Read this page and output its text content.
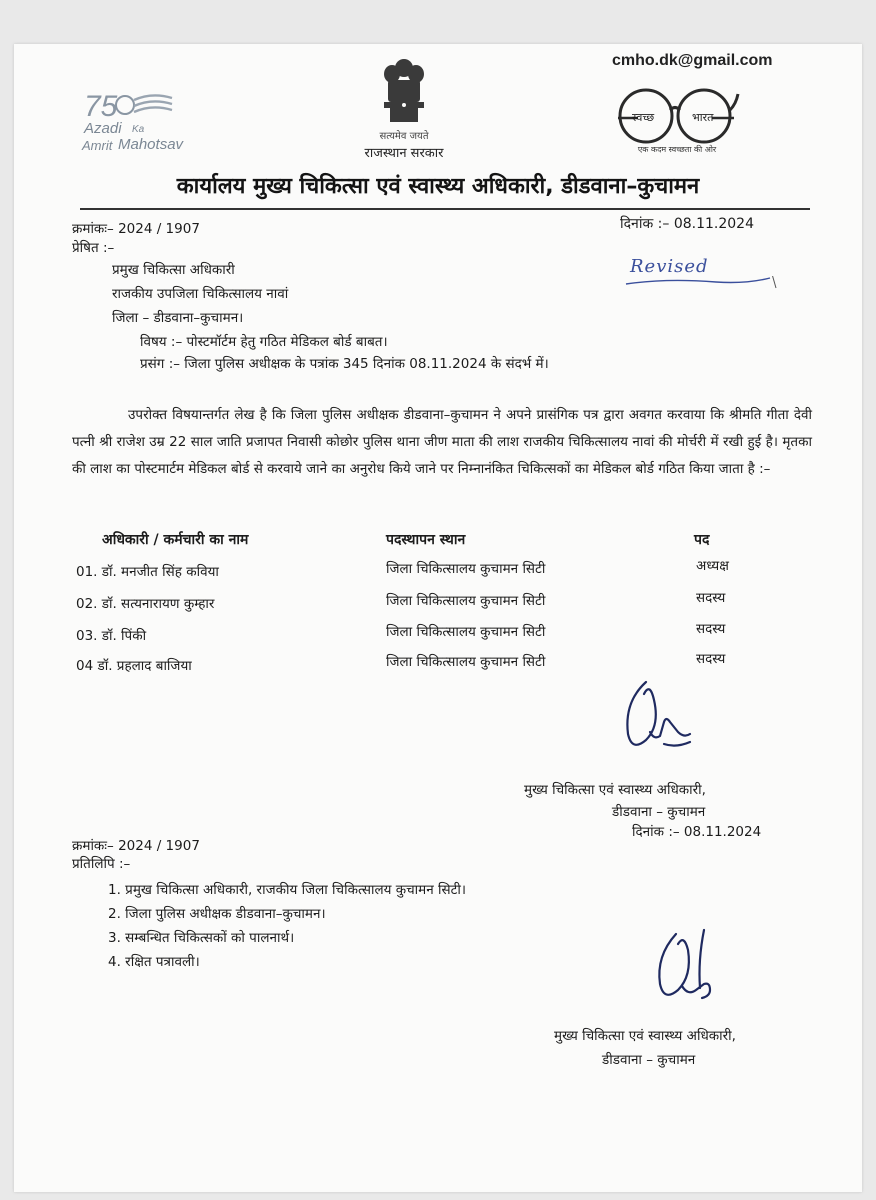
75
Azadi Ka
Amrit Mahotsav	सत्यमेव जयते
राजस्थान सरकार
cmho.dk@gmail.com
स्वच्छ	भारत
एक कदम स्वच्छता की ओर
कार्यालय मुख्य चिकित्सा एवं स्वास्थ्य अधिकारी, डीडवाना–कुचामन
क्रमांकः– 2024 / 1907	दिनांक :– 08.11.2024
प्रेषित :–
प्रमुख चिकित्सा अधिकारी
राजकीय उपजिला चिकित्सालय नावां
जिला – डीडवाना–कुचामन।
Revised
विषय :– पोस्टमॉर्टम हेतु गठित मेडिकल बोर्ड बाबत।
प्रसंग :– जिला पुलिस अधीक्षक के पत्रांक 345 दिनांक 08.11.2024 के संदर्भ में।

उपरोक्त विषयान्तर्गत लेख है कि जिला पुलिस अधीक्षक डीडवाना–कुचामन ने अपने प्रासंगिक पत्र द्वारा अवगत करवाया कि श्रीमति गीता देवी पत्नी श्री राजेश उम्र 22 साल जाति प्रजापत निवासी कोछोर पुलिस थाना जीण माता की लाश राजकीय चिकित्सालय नावां की मोर्चरी में रखी हुई है। मृतका की लाश का पोस्टमार्टम मेडिकल बोर्ड से करवाये जाने का अनुरोध किये जाने पर निम्नानंकित चिकित्सकों का मेडिकल बोर्ड गठित किया जाता है :–

अधिकारी / कर्मचारी का नाम	पदस्थापन स्थान	पद
01. डॉ. मनजीत सिंह कविया	जिला चिकित्सालय कुचामन सिटी	अध्यक्ष
02. डॉ. सत्यनारायण कुम्हार	जिला चिकित्सालय कुचामन सिटी	सदस्य
03. डॉ. पिंकी	जिला चिकित्सालय कुचामन सिटी	सदस्य
04 डॉ. प्रहलाद बाजिया	जिला चिकित्सालय कुचामन सिटी	सदस्य
मुख्य चिकित्सा एवं स्वास्थ्य अधिकारी,
डीडवाना – कुचामन
दिनांक :– 08.11.2024
क्रमांकः– 2024 / 1907
प्रतिलिपि :–
1. प्रमुख चिकित्सा अधिकारी, राजकीय जिला चिकित्सालय कुचामन सिटी।
2. जिला पुलिस अधीक्षक डीडवाना–कुचामन।
3. सम्बन्धित चिकित्सकों को पालनार्थ।
4. रक्षित पत्रावली।
मुख्य चिकित्सा एवं स्वास्थ्य अधिकारी,
डीडवाना – कुचामन
